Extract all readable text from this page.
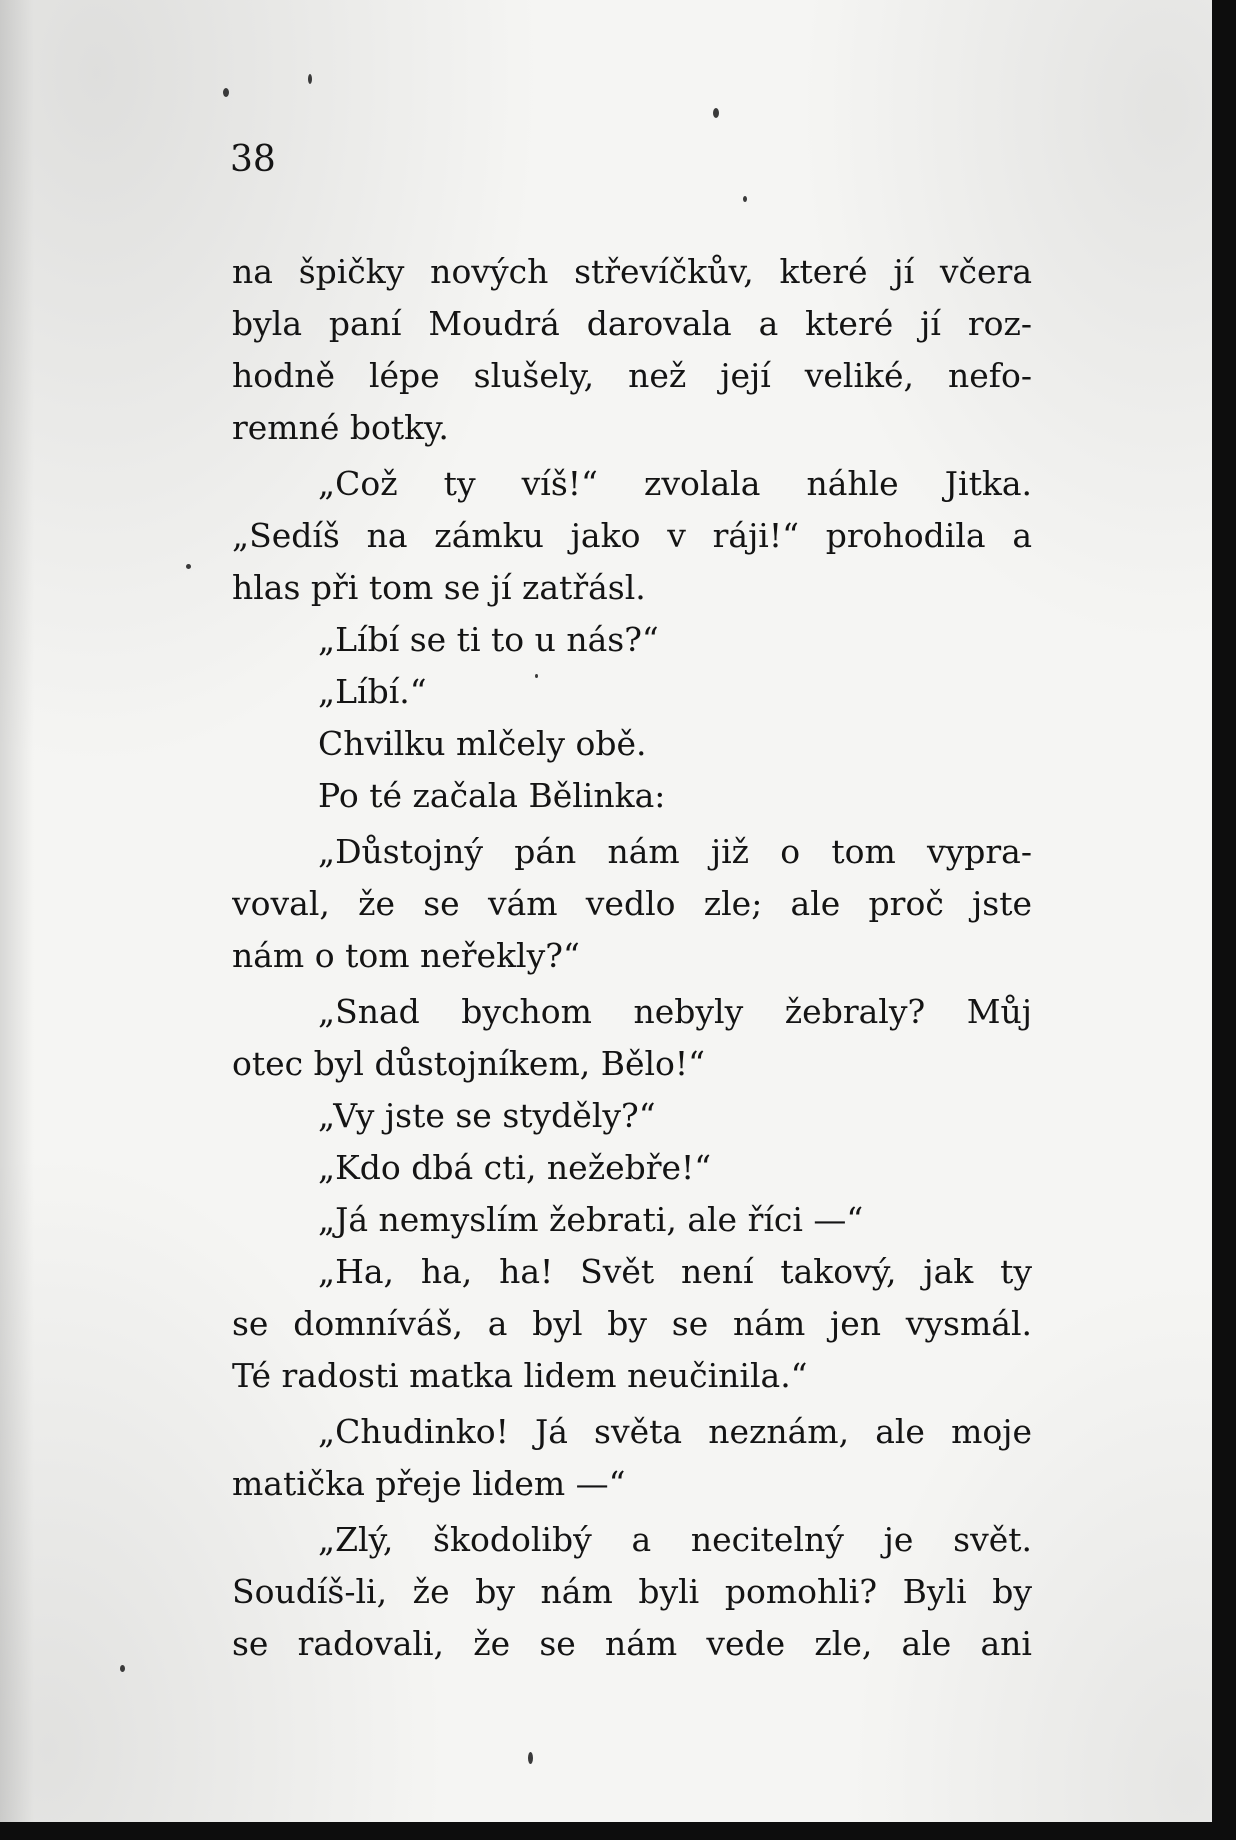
38
na špičky nových střevíčkův, které jí včera
byla paní Moudrá darovala a které jí roz-
hodně lépe slušely, než její veliké, nefo-
remné botky.
„Což ty víš!“ zvolala náhle Jitka.
„Sedíš na zámku jako v ráji!“ prohodila a
hlas při tom se jí zatřásl.
„Líbí se ti to u nás?“
„Líbí.“
Chvilku mlčely obě.
Po té začala Bělinka:
„Důstojný pán nám již o tom vypra-
voval, že se vám vedlo zle; ale proč jste
nám o tom neřekly?“
„Snad bychom nebyly žebraly? Můj
otec byl důstojníkem, Bělo!“
„Vy jste se styděly?“
„Kdo dbá cti, nežebře!“
„Já nemyslím žebrati, ale říci —“
„Ha, ha, ha! Svět není takový, jak ty
se domníváš, a byl by se nám jen vysmál.
Té radosti matka lidem neučinila.“
„Chudinko! Já světa neznám, ale moje
matička přeje lidem —“
„Zlý, škodolibý a necitelný je svět.
Soudíš-li, že by nám byli pomohli? Byli by
se radovali, že se nám vede zle, ale ani
